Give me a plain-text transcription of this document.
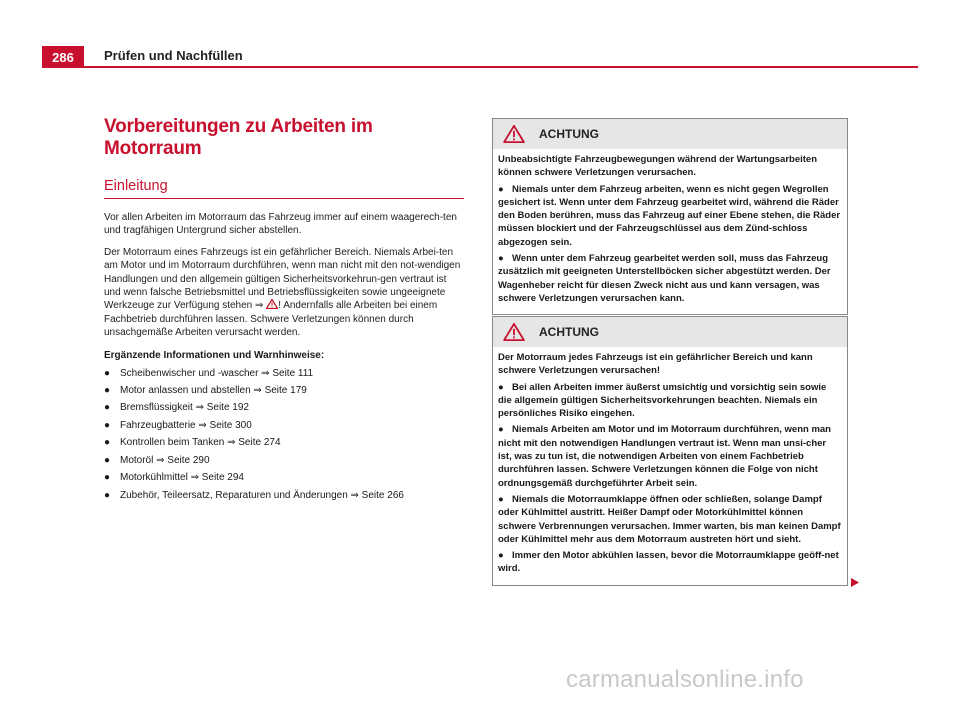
286	Prüfen und Nachfüllen
Vorbereitungen zu Arbeiten im Motorraum
Einleitung

Vor allen Arbeiten im Motorraum das Fahrzeug immer auf einem waagerech-ten und tragfähigen Untergrund sicher abstellen.

Der Motorraum eines Fahrzeugs ist ein gefährlicher Bereich. Niemals Arbei-ten am Motor und im Motorraum durchführen, wenn man nicht mit den not-wendigen Handlungen und den allgemein gültigen Sicherheitsvorkehrun-gen vertraut ist und wenn falsche Betriebsmittel und Betriebsflüssigkeiten sowie ungeeignete Werkzeuge zur Verfügung stehen ⇒ ! Andernfalls alle Arbeiten bei einem Fachbetrieb durchführen lassen. Schwere Verletzungen können durch unsachgemäße Arbeiten verursacht werden.

Ergänzende Informationen und Warnhinweise:
● Scheibenwischer und -wascher ⇒ Seite 111
● Motor anlassen und abstellen ⇒ Seite 179
● Bremsflüssigkeit ⇒ Seite 192
● Fahrzeugbatterie ⇒ Seite 300
● Kontrollen beim Tanken ⇒ Seite 274
● Motoröl ⇒ Seite 290
● Motorkühlmittel ⇒ Seite 294
● Zubehör, Teileersatz, Reparaturen und Änderungen ⇒ Seite 266
ACHTUNG

Unbeabsichtigte Fahrzeugbewegungen während der Wartungsarbeiten können schwere Verletzungen verursachen.

● Niemals unter dem Fahrzeug arbeiten, wenn es nicht gegen Wegrollen gesichert ist. Wenn unter dem Fahrzeug gearbeitet wird, während die Räder den Boden berühren, muss das Fahrzeug auf einer Ebene stehen, die Räder müssen blockiert und der Fahrzeugschlüssel aus dem Zünd-schloss abgezogen sein.

● Wenn unter dem Fahrzeug gearbeitet werden soll, muss das Fahrzeug zusätzlich mit geeigneten Unterstellböcken sicher abgestützt werden. Der Wagenheber reicht für diesen Zweck nicht aus und kann versagen, was schwere Verletzungen verursachen kann.

ACHTUNG

Der Motorraum jedes Fahrzeugs ist ein gefährlicher Bereich und kann schwere Verletzungen verursachen!

● Bei allen Arbeiten immer äußerst umsichtig und vorsichtig sein sowie die allgemein gültigen Sicherheitsvorkehrungen beachten. Niemals ein persönliches Risiko eingehen.

● Niemals Arbeiten am Motor und im Motorraum durchführen, wenn man nicht mit den notwendigen Handlungen vertraut ist. Wenn man unsi-cher ist, was zu tun ist, die notwendigen Arbeiten von einem Fachbetrieb durchführen lassen. Schwere Verletzungen können die Folge von nicht ordnungsgemäß durchgeführter Arbeit sein.

● Niemals die Motorraumklappe öffnen oder schließen, solange Dampf oder Kühlmittel austritt. Heißer Dampf oder Motorkühlmittel können schwere Verbrennungen verursachen. Immer warten, bis man keinen Dampf oder Kühlmittel mehr aus dem Motorraum austreten hört und sieht.

● Immer den Motor abkühlen lassen, bevor die Motorraumklappe geöff-net wird.

carmanualsonline.info
